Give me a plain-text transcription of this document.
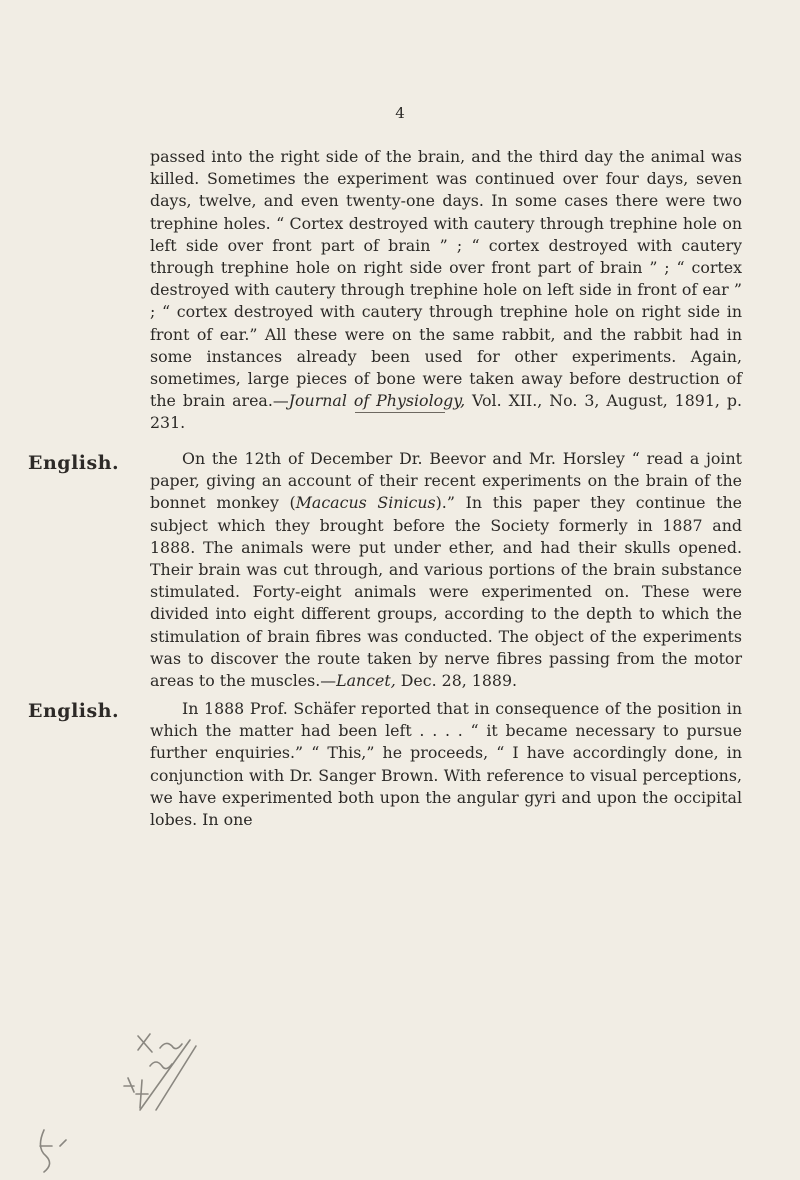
4

passed into the right side of the brain, and the third day the animal was killed. Sometimes the experiment was continued over four days, seven days, twelve, and even twenty-one days. In some cases there were two trephine holes. “ Cortex destroyed with cautery through trephine hole on left side over front part of brain ” ; “ cortex destroyed with cautery through trephine hole on right side over front part of brain ” ; “ cortex destroyed with cautery through trephine hole on left side in front of ear ” ; “ cortex destroyed with cautery through trephine hole on right side in front of ear.” All these were on the same rabbit, and the rabbit had in some instances already been used for other experiments. Again, sometimes, large pieces of bone were taken away before destruction of the brain area.—Journal of Physiology, Vol. XII., No. 3, August, 1891, p. 231.

English.	On the 12th of December Dr. Beevor and Mr. Horsley “ read a joint paper, giving an account of their recent experiments on the brain of the bonnet monkey (Macacus Sinicus).” In this paper they continue the subject which they brought before the Society formerly in 1887 and 1888. The animals were put under ether, and had their skulls opened. Their brain was cut through, and various portions of the brain substance stimulated. Forty-eight animals were experimented on. These were divided into eight different groups, according to the depth to which the stimulation of brain fibres was conducted. The object of the experiments was to discover the route taken by nerve fibres passing from the motor areas to the muscles.—Lancet, Dec. 28, 1889.

English.	In 1888 Prof. Schäfer reported that in consequence of the position in which the matter had been left . . . . “ it became necessary to pursue further enquiries.” “ This,” he proceeds, “ I have accordingly done, in conjunction with Dr. Sanger Brown. With reference to visual perceptions, we have experimented both upon the angular gyri and upon the occipital lobes. In one
